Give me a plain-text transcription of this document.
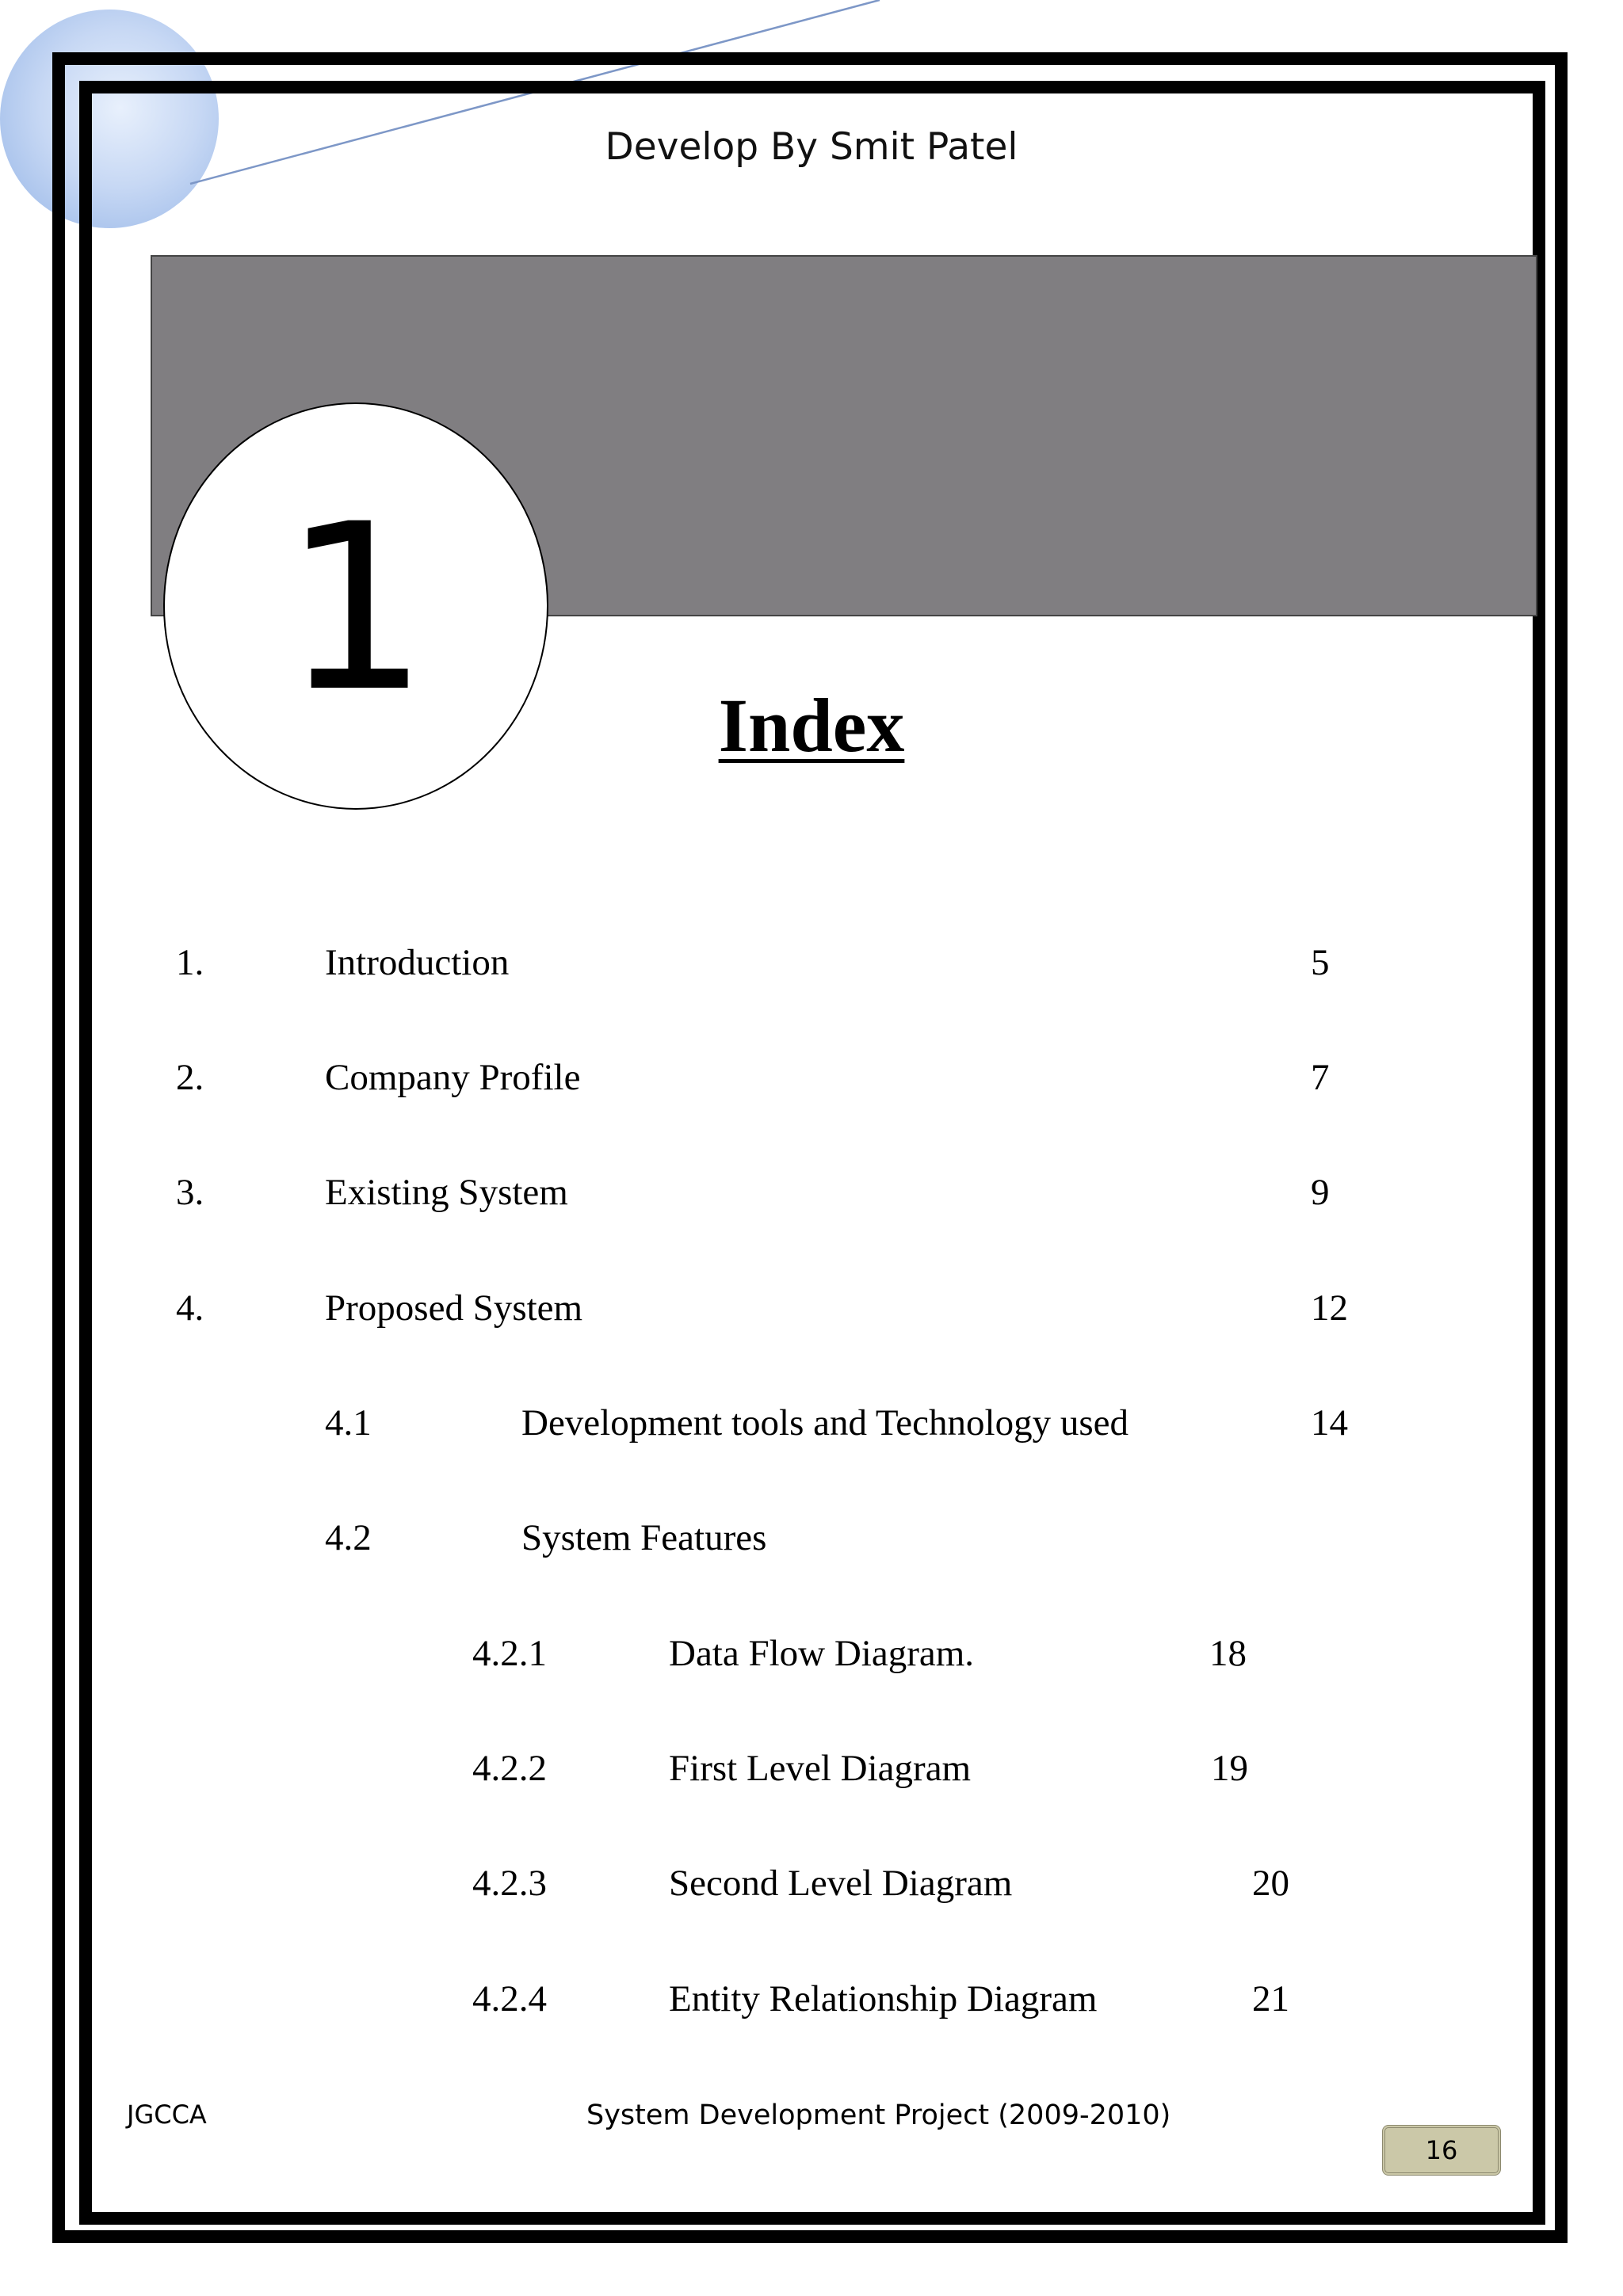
Develop By Smit Patel
1	Index
1.	Introduction	5
2.	Company Profile	7
3.	Existing System	9
4.	Proposed System	12
4.1	Development tools and Technology used	14
4.2	System Features
4.2.1	Data Flow Diagram.	18
4.2.2	First Level Diagram	19
4.2.3	Second Level Diagram	20
4.2.4	Entity Relationship Diagram	21
JGCCA	System Development Project (2009-2010)
16
